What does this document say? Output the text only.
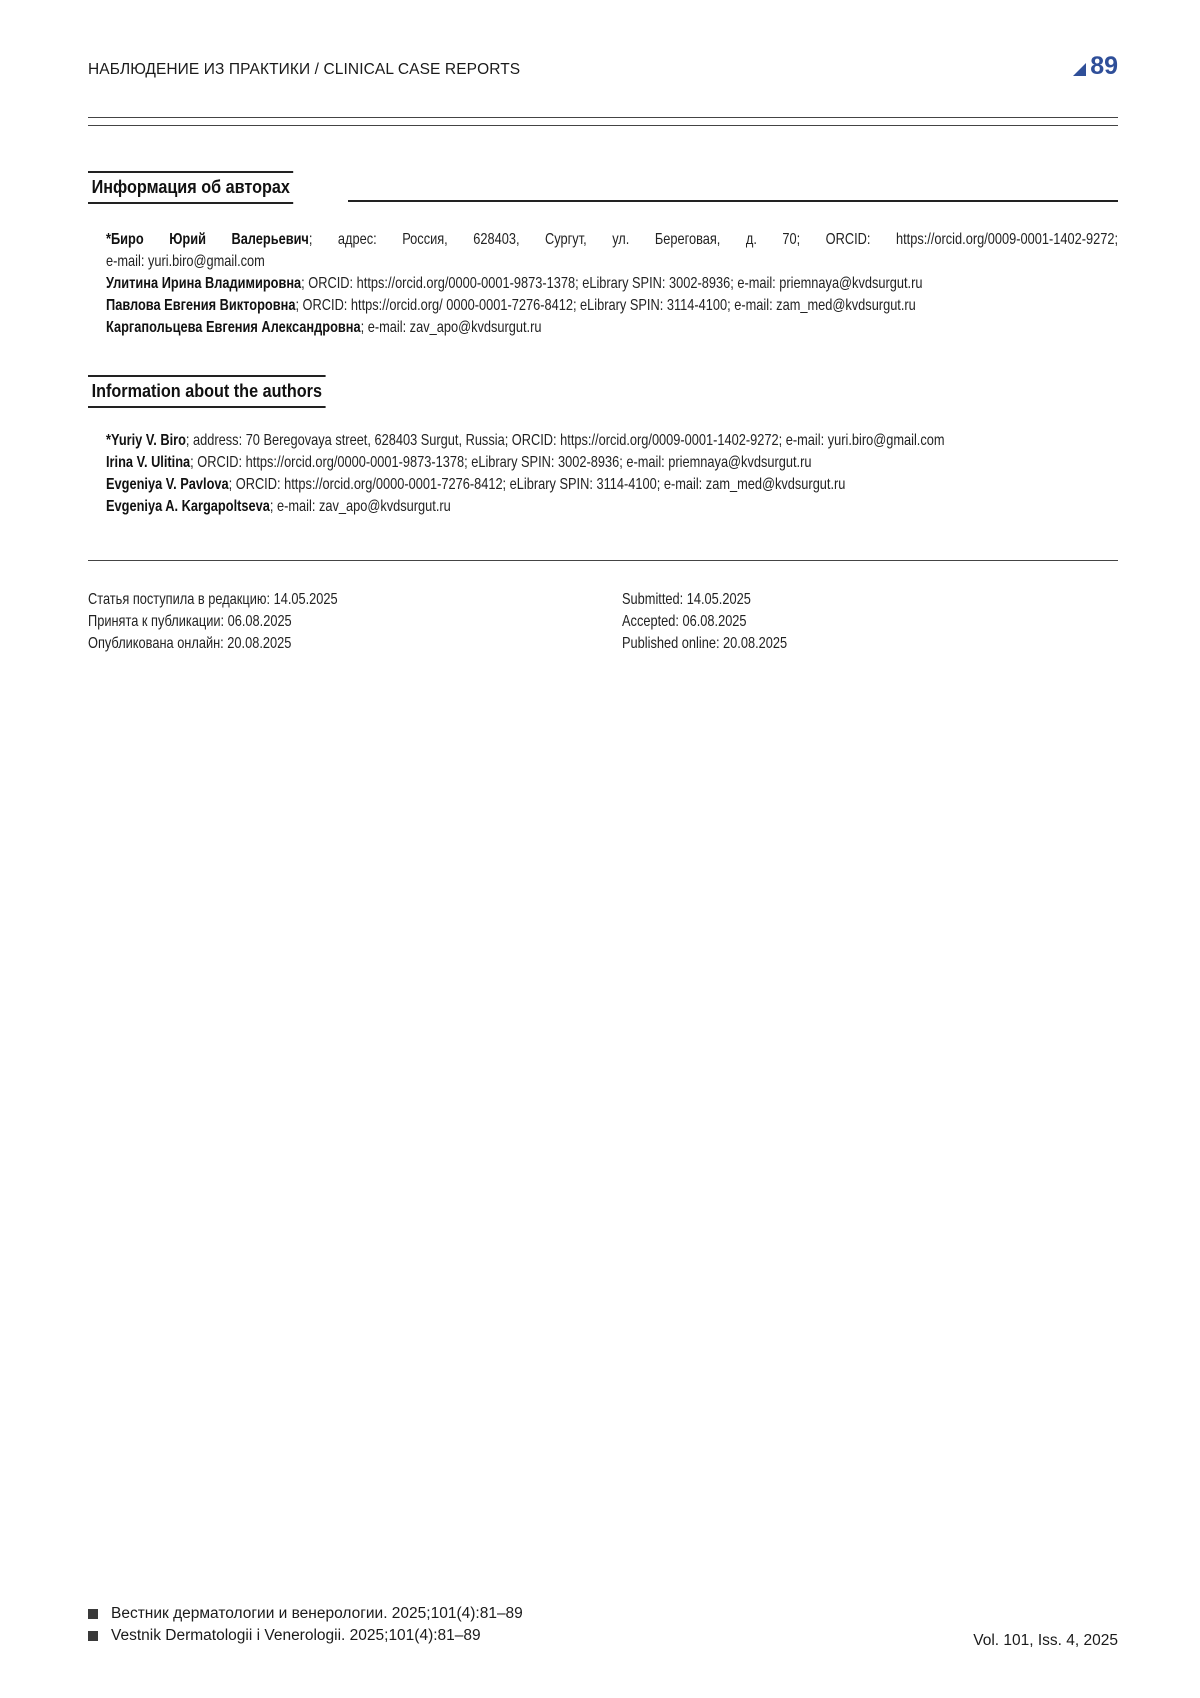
НАБЛЮДЕНИЕ ИЗ ПРАКТИКИ / CLINICAL CASE REPORTS	89
Информация об авторах
*Биро Юрий Валерьевич; адрес: Россия, 628403, Сургут, ул. Береговая, д. 70; ORCID: https://orcid.org/0009-0001-1402-9272;
e-mail: yuri.biro@gmail.com
Улитина Ирина Владимировна; ORCID: https://orcid.org/0000-0001-9873-1378; eLibrary SPIN: 3002-8936; e-mail: priemnaya@kvdsurgut.ru
Павлова Евгения Викторовна; ORCID: https://orcid.org/ 0000-0001-7276-8412; eLibrary SPIN: 3114-4100; e-mail: zam_med@kvdsurgut.ru
Каргапольцева Евгения Александровна; e-mail: zav_apo@kvdsurgut.ru
Information about the authors
*Yuriy V. Biro; address: 70 Beregovaya street, 628403 Surgut, Russia; ORCID: https://orcid.org/0009-0001-1402-9272; e-mail: yuri.biro@gmail.com
Irina V. Ulitina; ORCID: https://orcid.org/0000-0001-9873-1378; eLibrary SPIN: 3002-8936; e-mail: priemnaya@kvdsurgut.ru
Evgeniya V. Pavlova; ORCID: https://orcid.org/0000-0001-7276-8412; eLibrary SPIN: 3114-4100; e-mail: zam_med@kvdsurgut.ru
Evgeniya A. Kargapoltseva; e-mail: zav_apo@kvdsurgut.ru
Статья поступила в редакцию: 14.05.2025
Принята к публикации: 06.08.2025
Опубликована онлайн: 20.08.2025
Submitted: 14.05.2025
Accepted: 06.08.2025
Published online: 20.08.2025
Вестник дерматологии и венерологии. 2025;101(4):81–89
Vestnik Dermatologii i Venerologii. 2025;101(4):81–89	Vol. 101, Iss. 4, 2025
